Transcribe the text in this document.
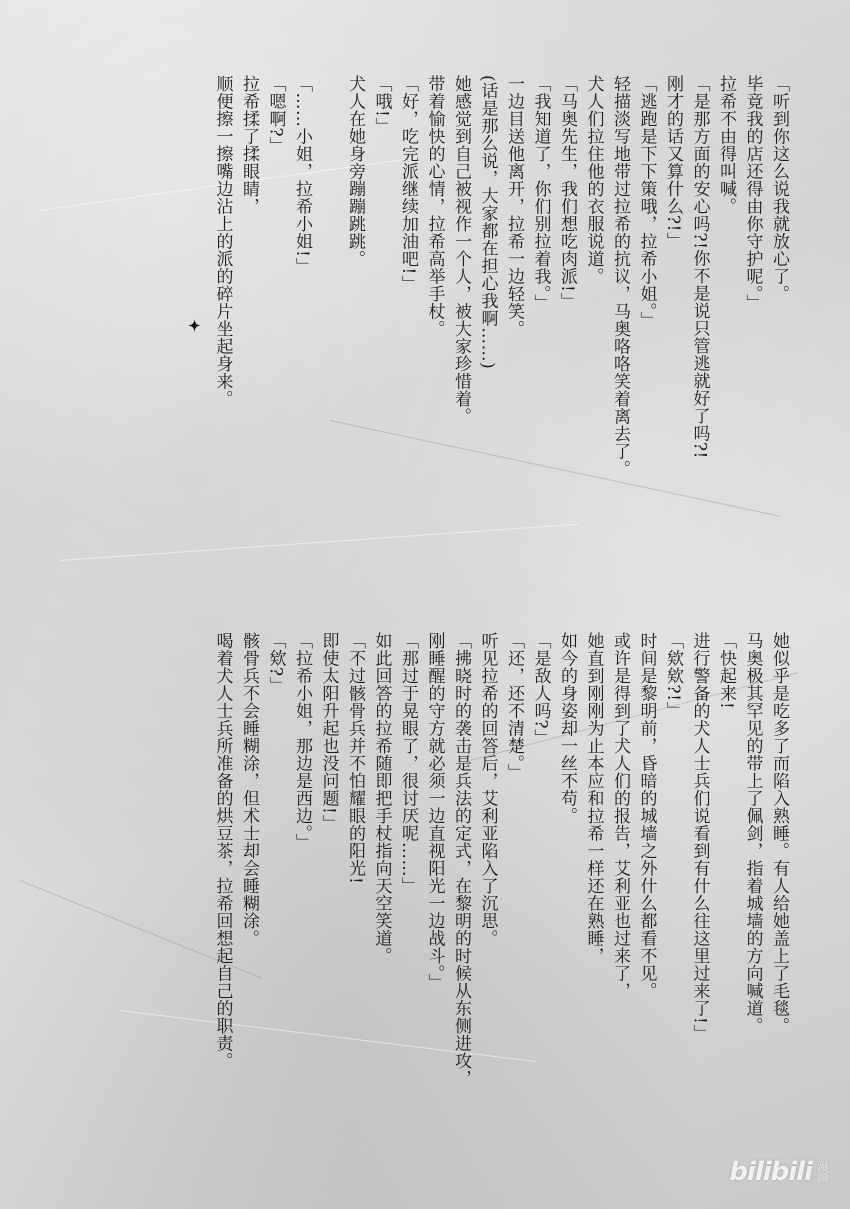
「听到你这么说我就放心了。

毕竟我的店还得由你守护呢。」

拉希不由得叫喊。

「是那方面的安心吗?!你不是说只管逃就好了吗?!

刚才的话又算什么?!」

「逃跑是下下策哦，拉希小姐。」

轻描淡写地带过拉希的抗议，马奥咯咯笑着离去了。

犬人们拉住他的衣服说道。

「马奥先生，我们想吃肉派!」

「我知道了，你们别拉着我。」

一边目送他离开，拉希一边轻笑。

(话是那么说，大家都在担心我啊……)

她感觉到自己被视作一个人，被大家珍惜着。

带着愉快的心情，拉希高举手杖。

「好，吃完派继续加油吧!」

「哦!」

犬人在她身旁蹦蹦跳跳。

「……小姐，拉希小姐!」

「嗯啊?」

拉希揉了揉眼睛，

顺便擦一擦嘴边沾上的派的碎片坐起身来。

她似乎是吃多了而陷入熟睡。有人给她盖上了毛毯。

马奥极其罕见的带上了佩剑，指着城墙的方向喊道。

「快起来!

进行警备的犬人士兵们说看到有什么往这里过来了!」

「欸欸?!」

时间是黎明前，昏暗的城墙之外什么都看不见。

或许是得到了犬人们的报告，艾利亚也过来了，

她直到刚刚为止本应和拉希一样还在熟睡，

如今的身姿却一丝不苟。

「是敌人吗?」

「还，还不清楚。」

听见拉希的回答后，艾利亚陷入了沉思。

「拂晓时的袭击是兵法的定式，在黎明的时候从东侧进攻，

刚睡醒的守方就必须一边直视阳光一边战斗。」

「那过于晃眼了，很讨厌呢……」

如此回答的拉希随即把手杖指向天空笑道。

「不过骸骨兵并不怕耀眼的阳光!

即使太阳升起也没问题!」

「拉希小姐，那边是西边。」

「欸?」

骸骨兵不会睡糊涂，但术士却会睡糊涂。

喝着犬人士兵所准备的烘豆茶，拉希回想起自己的职责。

bilibili 漫画
